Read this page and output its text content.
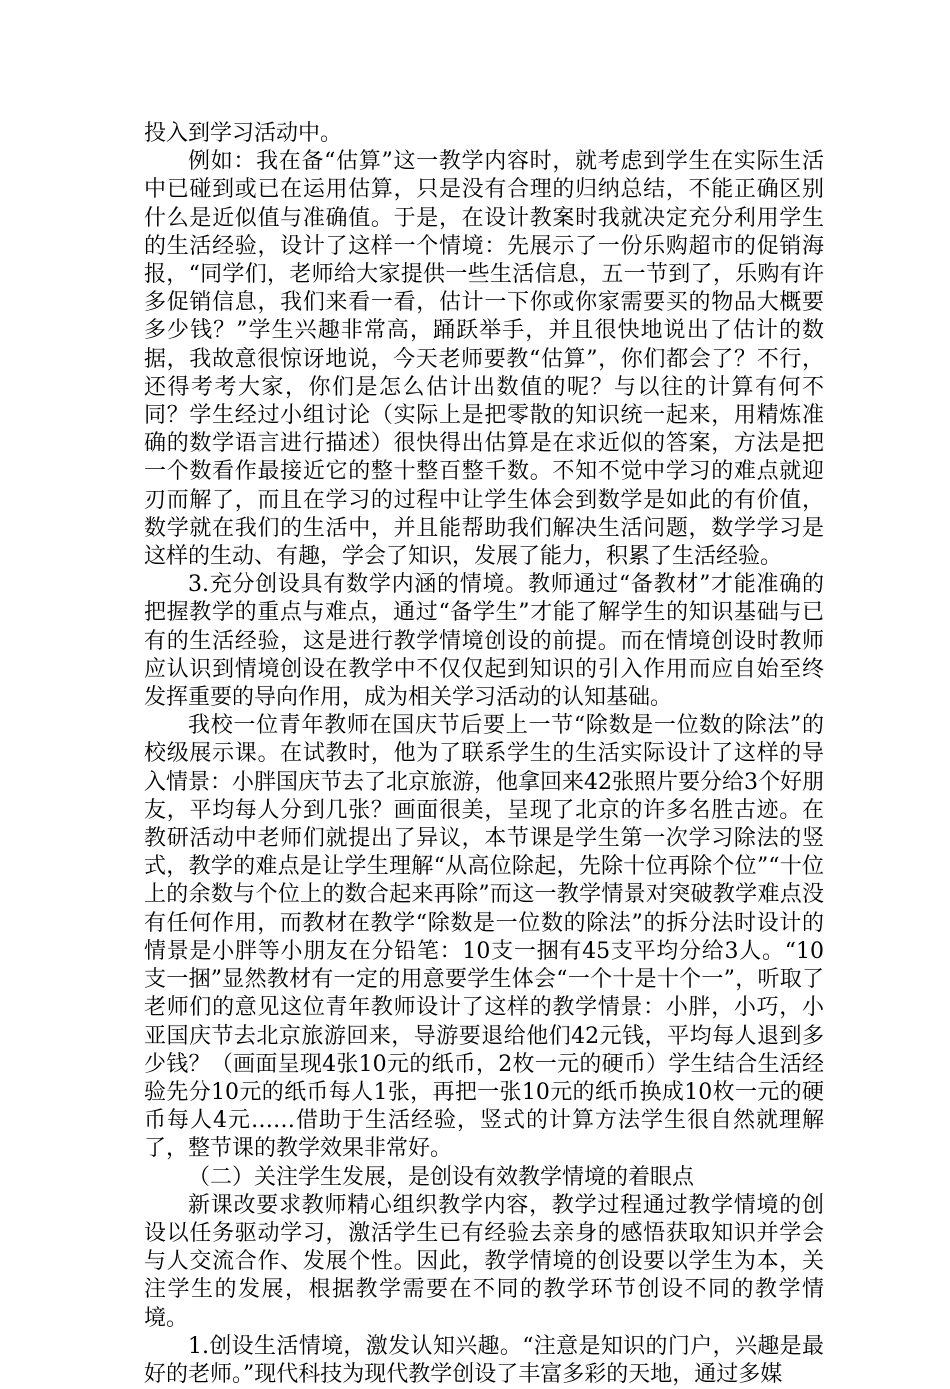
投入到学习活动中。

例如：我在备“估算”这一教学内容时，就考虑到学生在实际生活中已碰到或已在运用估算，只是没有合理的归纳总结，不能正确区别什么是近似值与准确值。于是，在设计教案时我就决定充分利用学生的生活经验，设计了这样一个情境：先展示了一份乐购超市的促销海报，“同学们，老师给大家提供一些生活信息，五一节到了，乐购有许多促销信息，我们来看一看，估计一下你或你家需要买的物品大概要多少钱？”学生兴趣非常高，踊跃举手，并且很快地说出了估计的数据，我故意很惊讶地说，今天老师要教“估算”，你们都会了？不行，还得考考大家，你们是怎么估计出数值的呢？与以往的计算有何不同？学生经过小组讨论（实际上是把零散的知识统一起来，用精炼准确的数学语言进行描述）很快得出估算是在求近似的答案，方法是把一个数看作最接近它的整十整百整千数。不知不觉中学习的难点就迎刃而解了，而且在学习的过程中让学生体会到数学是如此的有价值，数学就在我们的生活中，并且能帮助我们解决生活问题，数学学习是这样的生动、有趣，学会了知识，发展了能力，积累了生活经验。

3.充分创设具有数学内涵的情境。教师通过“备教材”才能准确的把握教学的重点与难点，通过“备学生”才能了解学生的知识基础与已有的生活经验，这是进行教学情境创设的前提。而在情境创设时教师应认识到情境创设在教学中不仅仅起到知识的引入作用而应自始至终发挥重要的导向作用，成为相关学习活动的认知基础。

我校一位青年教师在国庆节后要上一节“除数是一位数的除法”的校级展示课。在试教时，他为了联系学生的生活实际设计了这样的导入情景：小胖国庆节去了北京旅游，他拿回来42张照片要分给3个好朋友，平均每人分到几张？画面很美，呈现了北京的许多名胜古迹。在教研活动中老师们就提出了异议，本节课是学生第一次学习除法的竖式，教学的难点是让学生理解“从高位除起，先除十位再除个位”“十位上的余数与个位上的数合起来再除”而这一教学情景对突破教学难点没有任何作用，而教材在教学“除数是一位数的除法”的拆分法时设计的情景是小胖等小朋友在分铅笔：10支一捆有45支平均分给3人。“10支一捆”显然教材有一定的用意要学生体会“一个十是十个一”，听取了老师们的意见这位青年教师设计了这样的教学情景：小胖，小巧，小亚国庆节去北京旅游回来，导游要退给他们42元钱，平均每人退到多少钱？（画面呈现4张10元的纸币，2枚一元的硬币）学生结合生活经验先分10元的纸币每人1张，再把一张10元的纸币换成10枚一元的硬币每人4元……借助于生活经验，竖式的计算方法学生很自然就理解了，整节课的教学效果非常好。

（二）关注学生发展，是创设有效教学情境的着眼点

新课改要求教师精心组织教学内容，教学过程通过教学情境的创设以任务驱动学习，激活学生已有经验去亲身的感悟获取知识并学会与人交流合作、发展个性。因此，教学情境的创设要以学生为本，关注学生的发展，根据教学需要在不同的教学环节创设不同的教学情境。

1.创设生活情境，激发认知兴趣。“注意是知识的门户，兴趣是最好的老师。”现代科技为现代教学创设了丰富多彩的天地，通过多媒
